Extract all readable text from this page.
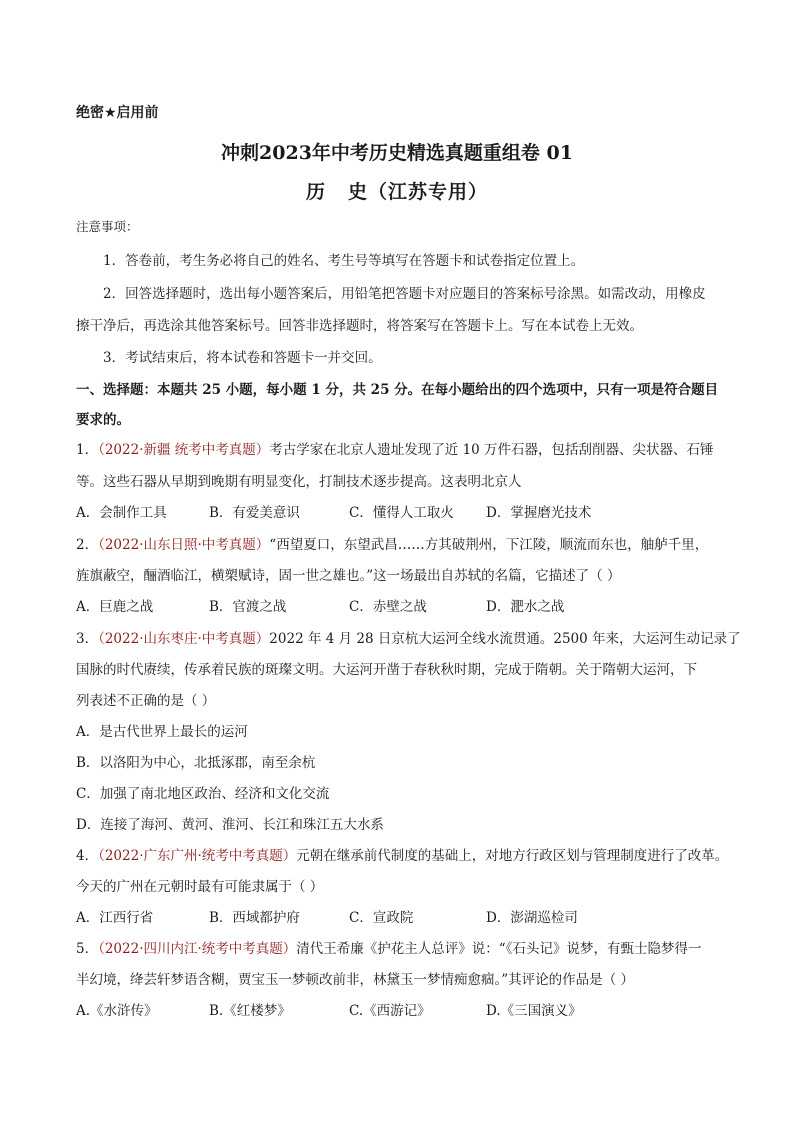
绝密★启用前
冲刺2023年中考历史精选真题重组卷 01
历 史（江苏专用）
注意事项：
1．答卷前，考生务必将自己的姓名、考生号等填写在答题卡和试卷指定位置上。
2．回答选择题时，选出每小题答案后，用铅笔把答题卡对应题目的答案标号涂黑。如需改动，用橡皮
擦干净后，再选涂其他答案标号。回答非选择题时，将答案写在答题卡上。写在本试卷上无效。
3．考试结束后，将本试卷和答题卡一并交回。
一、选择题：本题共 25 小题，每小题 1 分，共 25 分。在每小题给出的四个选项中，只有一项是符合题目
要求的。
1．（2022·新疆 统考中考真题）考古学家在北京人遗址发现了近 10 万件石器，包括刮削器、尖状器、石锤
等。这些石器从早期到晚期有明显变化，打制技术逐步提高。这表明北京人
A．会制作工具	B．有爱美意识	C．懂得人工取火 D．掌握磨光技术
2．（2022·山东日照·中考真题）“西望夏口，东望武昌……方其破荆州，下江陵，顺流而东也，舳舻千里，
旌旗蔽空，酾酒临江，横槊赋诗，固一世之雄也。”这一场最出自苏轼的名篇，它描述了（ ）
A．巨鹿之战	B．官渡之战	C．赤壁之战	D．淝水之战
3．（2022·山东枣庄·中考真题）2022 年 4 月 28 日京杭大运河全线水流贯通。2500 年来，大运河生动记录了
国脉的时代赓续，传承着民族的斑璨文明。大运河开凿于春秋秋时期，完成于隋朝。关于隋朝大运河，下
列表述不正确的是（ ）
A．是古代世界上最长的运河
B．以洛阳为中心，北抵涿郡，南至余杭
C．加强了南北地区政治、经济和文化交流
D．连接了海河、黄河、淮河、长江和珠江五大水系
4．（2022·广东广州·统考中考真题）元朝在继承前代制度的基础上，对地方行政区划与管理制度进行了改革。
今天的广州在元朝时最有可能隶属于（ ）
A．江西行省	B．西域都护府	C．宣政院	D．澎湖巡检司
5．（2022·四川内江·统考中考真题）清代王希廉《护花主人总评》说：“《石头记》说梦，有甄士隐梦得一
半幻境，绛芸轩梦语含糊，贾宝玉一梦顿改前非，林黛玉一梦情痴愈痼。”其评论的作品是（ ）
A.《水浒传》	B.《红楼梦》	C.《西游记》	D.《三国演义》
